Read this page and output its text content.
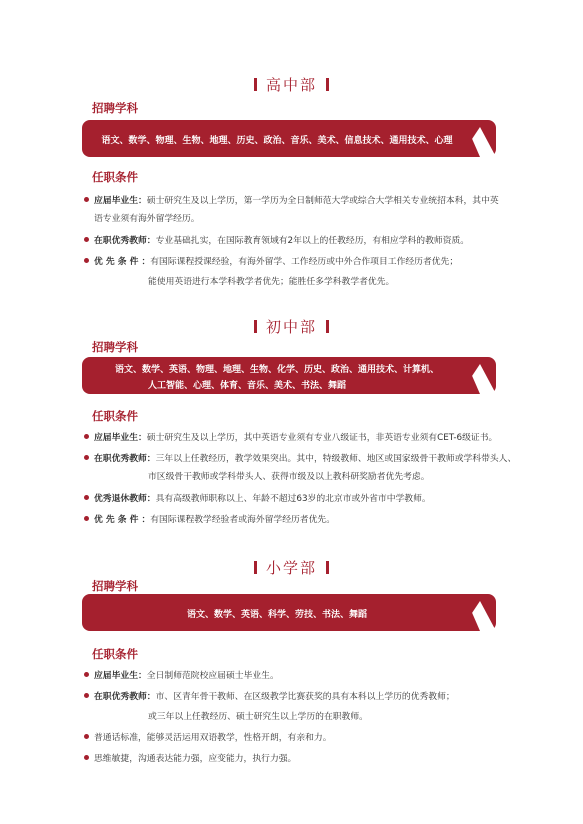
高中部
招聘学科
语文、数学、物理、生物、地理、历史、政治、音乐、美术、信息技术、通用技术、心理
任职条件
应届毕业生：硕士研究生及以上学历，第一学历为全日制师范大学或综合大学相关专业统招本科，其中英
语专业须有海外留学经历。
在职优秀教师：专业基础扎实，在国际教育领域有2年以上的任教经历，有相应学科的教师资质。
优 先 条 件 ：有国际课程授课经验，有海外留学、工作经历或中外合作项目工作经历者优先；
能使用英语进行本学科教学者优先；能胜任多学科教学者优先。
初中部
招聘学科
语文、数学、英语、物理、地理、生物、化学、历史、政治、通用技术、计算机、
人工智能、心理、体育、音乐、美术、书法、舞蹈
任职条件
应届毕业生：硕士研究生及以上学历，其中英语专业须有专业八级证书，非英语专业须有CET-6级证书。
在职优秀教师：三年以上任教经历，教学效果突出。其中，特级教师、地区或国家级骨干教师或学科带头人、
市区级骨干教师或学科带头人、获得市级及以上教科研奖励者优先考虑。
优秀退休教师：具有高级教师职称以上、年龄不超过63岁的北京市或外省市中学教师。
优 先 条 件 ：有国际课程教学经验者或海外留学经历者优先。
小学部
招聘学科
语文、数学、英语、科学、劳技、书法、舞蹈
任职条件
应届毕业生：全日制师范院校应届硕士毕业生。
在职优秀教师：市、区青年骨干教师、在区级教学比赛获奖的具有本科以上学历的优秀教师；
或三年以上任教经历、硕士研究生以上学历的在职教师。
普通话标准，能够灵活运用双语教学，性格开朗，有亲和力。
思维敏捷，沟通表达能力强，应变能力，执行力强。
